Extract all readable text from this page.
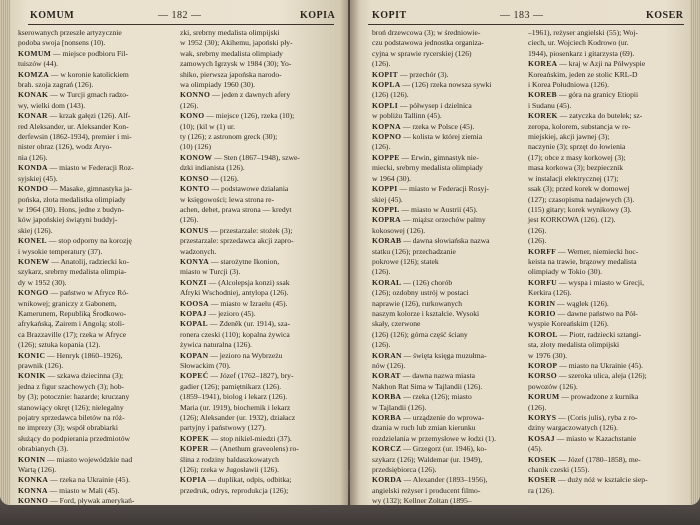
KOMUM	— 182 —	KOPIA
kserowanych przeszłe artyzycznie
podoba swoja [nonsens (10).
KOMUM — miejsce podbioru Fil-
tuiszów (44).
KOMZA — w koronie katolickiem
brah. szoja zagrań (126).
KONAK — w Turcji gmach radzo-
wy, wielki dom (143).
KONAR — krzak gałęzi (126). Alf-
red Aleksander, ur. Aleksander Kon-
derfewsin (1862-1934), premier i mi-
nister obraz (126), wodz Aryo-
nia (126).
KONDA — miasto w Federacji Roz-
syjskiej (45).
KONDO — Masake, gimnastyka ja-
pońska, złota medalistka olimpiady
w 1964 (30). Hons, jedne z budyn-
ków japońskiej świątyni buddyj-
skiej (126).
KONEL — stop odporny na korozję
i wysokie temperatury (37).
KONEW — Anatolij, radziecki ko-
szykarz, srebrny medalista olimpia-
dy w 1952 (30).
KONGO — państwo w Afryce Ró-
wnikowej; graniczy z Gabonem,
Kamerunem, Republiką Środkowo-
afrykańską, Zairem i Angolą; stoli-
ca Brazzaville (17); rzeka w Afryce
(126); sztuka kopania (12).
KONIC — Henryk (1860–1926),
prawnik (126).
KONIK — szkawa dziecinna (3);
jedna z figur szachowych (3); hob-
by (3); potocznie: hazarde; kruczany
stanowiący okręt (126); nielegalny
pojatry sprzedawca biletów na róż-
ne imprezy (3); współ obrabiarki
służący do podpierania przedmiotów
obrabianych (3).
KONIN — miasto wojewódzkie nad
Wartą (126).
KONKA — rzeka na Ukrainie (45).
KONNA — miasto w Mali (45).
KONNO — Ford, pływak amerykań-
zki, srebrny medalista olimpijski
w 1952 (30); Akihemu, japoński pły-
wak, srebrny medalista olimpiady
zamowych Igrzysk w 1984 (30); Yo-
shiko, pierwsza japońska narodo-
wa olimpiady 1960 (30).
KONNO — jeden z dawnych afery
(126).
KONO — miejsce (126), rzeka (10);
(10); (kil w (1) ur.
ty (126); z astronom greck (30);
(10) (126)
KONOW — Sten (1867–1948), szwe-
dzki indianista (126).
KONSO — (126).
KONTO — podstawowe działania
w księgowości; lewa strona re-
achen, debet, prawa strona — kredyt
(126).
KONUS — przestarzale: stożek (3);
przestarzale: sprzedawca akcji zapro-
wadzonych.
KONYA — starożytne Ikonion,
miasto w Turcji (3).
KONZI — (Alcolepsja konzi) ssak
Afryki Wschodniej, antylopa (126).
KOOSA — miasto w Izraelu (45).
KOPAJ — jezioro (45).
KOPAL — Zdeněk (ur. 1914), sza-
ronera czeski (110); kopalna żywica
żywica naturalna (126).
KOPAN — jezioro na Wybrzeżu
Słowackim (70).
KOPEĆ — Józef (1762–1827), bry-
gadier (126); pamiętnikarz (126).
(1859–1941), biolog i lekarz (126).
Maria (ur. 1919), biochemik i lekarz
(126); Aleksander (ur. 1932), działacz
partyjny i państwowy (127).
KOPEK — stop nikiel-miedzi (37).
KOPER — (Anethum graveolens) ro-
ślina z rodziny baldaszkowatych
(126); rzeka w Jugosławii (126).
KOPIA — duplikat, odpis, odbitka;
przedruk, odrys, reprodukcja (126);
KOPIT	— 183 —	KOSER
broń drzewcowa (3); w średniowie-
czu podstawowa jednostka organiza-
cyjna w sprawie rycerskiej (126)
(126).
KOPIT — przechór (3).
KOPLA — (126) rzeka nowsza sywki
(126) (126).
KOPLI — półwysep i dzielnica
w pobliżu Tallinn (45).
KOPNA — rzeka w Polsce (45).
KOPNO — kolista w której ziemia
(126).
KOPPE — Erwin, gimnastyk nie-
miecki, srebrny medalista olimpiady
w 1964 (30).
KOPPI — miasto w Federacji Rosyj-
skiej (45).
KOPPL — miasto w Austrii (45).
KOPRA — miąższ orzechów palmy
kokosowej (126).
KORAB — dawna słowiańska nazwa
statku (126); przechadzanie
pokrowe (126); statek
(126).
KORAL — (126) chorób
(126); ozdobny ustrój w postaci
naprawie (126), rurkowanych
naszym kolorze i kształcie. Wysoki
skały, czerwone
(126) (126); górna część ściany
(126).
KORAN — święta księga muzułma-
nów (126).
KORAT — dawna nazwa miasta
Nakhon Rat Sima w Tajlandii (126).
KORBA — rzeka (126); miasto
w Tajlandii (126).
KORBA — urządzenie do wprowa-
dzania w ruch lub zmian kierunku
rozdzielania w przemysłowe w łodzi (1).
KORCZ — Grzegorz (ur. 1946), ko-
szykarz (126); Waldemar (ur. 1949),
przedsiębiorca (126).
KORDA — Alexander (1893–1956),
angielski reżyser i producent filmo-
wy (132); Kellner Zoltan (1895–
–1961), reżyser angielski (55); Woj-
ciech, ur. Wojciech Kodrowo (ur.
1944), piosenkarz i gitarzysta (69).
KOREA — kraj w Azji na Półwyspie
Koreańskim, jeden ze stolic KRL-D
i Korea Południowa (126).
KOREB — góra na granicy Etiopii
i Sudanu (45).
KOREK — zatyczka do butelek; sz-
zeropa, kolorem, substancja w re-
miejskiej, akcji jawnej (3);
naczynie (3); sprzęt do łowienia
(17); obce z masy korkowej (3);
masa korkowa (3); bezpiecznik
w instalacji elektrycznej (17);
ssak (3); przed korek w domowej
(127); czasopisma nadajewych (3).
(115) gitary; korek wynikowy (3).
jest KORKOWA (126). (12).
(126).
(126).
KORFF — Werner, niemiecki hoc-
keista na trawie, brązowy medalista
olimpiady w Tokio (30).
KORFU — wyspa i miasto w Grecji,
Kerkira (126).
KORIN — wąglek (126).
KORIO — dawne państwo na Pół-
wyspie Koreańskim (126).
KOROL — Piotr, radziecki sztangi-
sta, złoty medalista olimpijski
w 1976 (30).
KOROP — miasto na Ukrainie (45).
KORSO — szeroka ulica, aleja (126);
powozów (126).
KORUM — prowadzone z kurnika
(126).
KORYS — (Coris julis), ryba z ro-
dziny wargaczowatych (126).
KOSAJ — miasto w Kazachstanie
(45).
KOSEK — Józef (1780–1858), me-
chanik czeski (155).
KOSER — duży nóż w kształcie siep-
ra (126).
